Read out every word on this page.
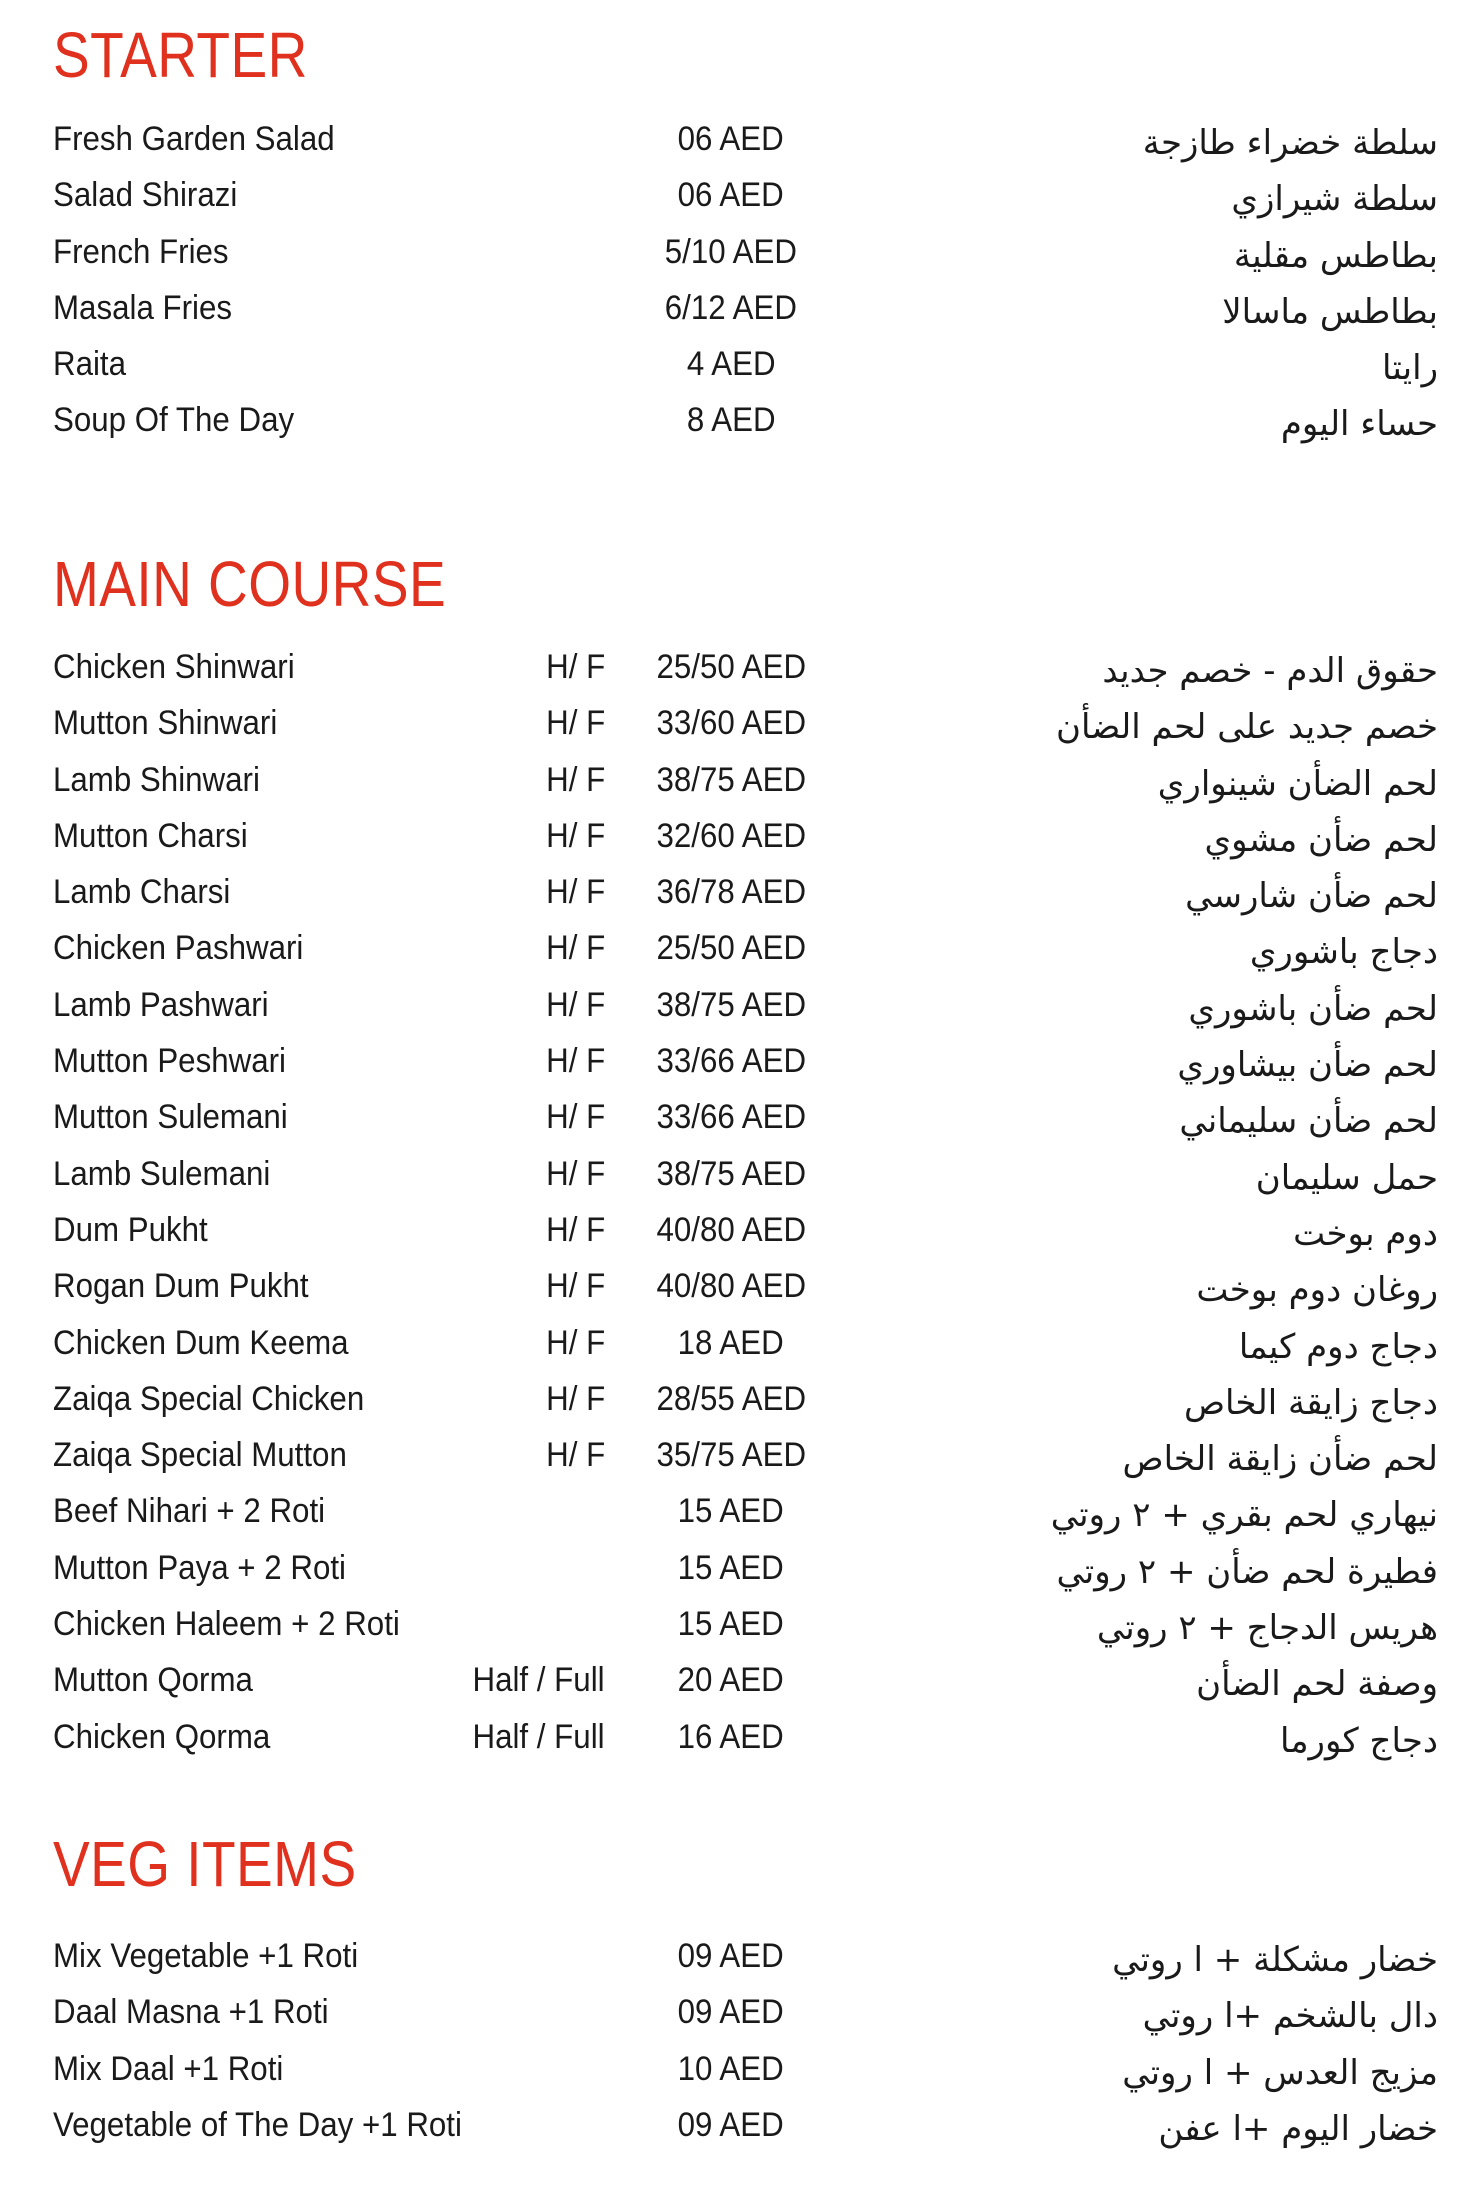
STARTER
Fresh Garden Salad	06 AED	سلطة خضراء طازجة
Salad Shirazi	06 AED	سلطة شيرازي
French Fries	5/10 AED	بطاطس مقلية
Masala Fries	6/12 AED	بطاطس ماسالا
Raita	4 AED	رايتا
Soup Of The Day	8 AED	حساء اليوم
MAIN COURSE
Chicken Shinwari	H/ F	25/50 AED	حقوق الدم - خصم جديد
Mutton Shinwari	H/ F	33/60 AED	خصم جديد على لحم الضأن
Lamb Shinwari	H/ F	38/75 AED	لحم الضأن شينواري
Mutton Charsi	H/ F	32/60 AED	لحم ضأن مشوي
Lamb Charsi	H/ F	36/78 AED	لحم ضأن شارسي
Chicken Pashwari	H/ F	25/50 AED	دجاج باشوري
Lamb Pashwari	H/ F	38/75 AED	لحم ضأن باشوري
Mutton Peshwari	H/ F	33/66 AED	لحم ضأن بيشاوري
Mutton Sulemani	H/ F	33/66 AED	لحم ضأن سليماني
Lamb Sulemani	H/ F	38/75 AED	حمل سليمان
Dum Pukht	H/ F	40/80 AED	دوم بوخت
Rogan Dum Pukht	H/ F	40/80 AED	روغان دوم بوخت
Chicken Dum Keema	H/ F	18 AED	دجاج دوم كيما
Zaiqa Special Chicken	H/ F	28/55 AED	دجاج زايقة الخاص
Zaiqa Special Mutton	H/ F	35/75 AED	لحم ضأن زايقة الخاص
Beef Nihari + 2 Roti	15 AED	نيهاري لحم بقري + ٢ روتي
Mutton Paya + 2 Roti	15 AED	فطيرة لحم ضأن + ٢ روتي
Chicken Haleem + 2 Roti	15 AED	هريس الدجاج + ٢ روتي
Mutton Qorma	Half / Full	20 AED	وصفة لحم الضأن
Chicken Qorma	Half / Full	16 AED	دجاج كورما
VEG ITEMS
Mix Vegetable +1 Roti	09 AED	خضار مشكلة + ا روتي
Daal Masna +1 Roti	09 AED	دال بالشخم +ا روتي
Mix Daal +1 Roti	10 AED	مزيج العدس + ا روتي
Vegetable of The Day +1 Roti	09 AED	خضار اليوم +ا عفن
